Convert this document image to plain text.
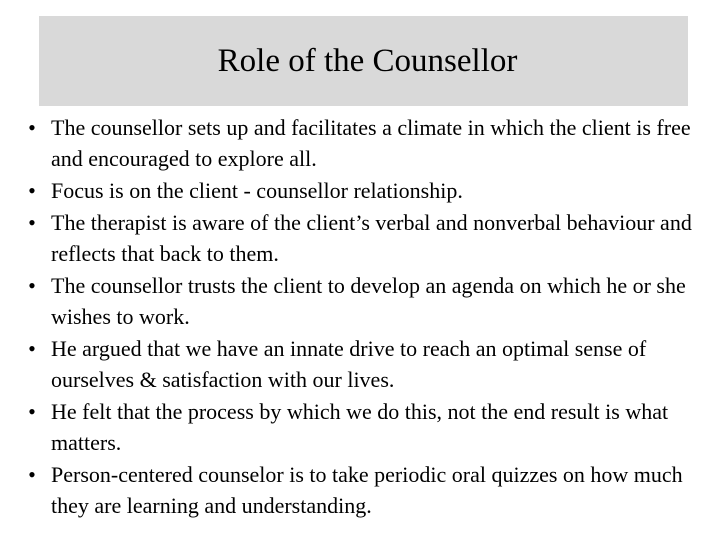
Role of the Counsellor
• The counsellor sets up and facilitates a climate in which the client is free and encouraged to explore all.
• Focus is on the client - counsellor relationship.
• The therapist is aware of the client’s verbal and nonverbal behaviour and reflects that back to them.
• The counsellor trusts the client to develop an agenda on which he or she wishes to work.
• He argued that we have an innate drive to reach an optimal sense of ourselves & satisfaction with our lives.
• He felt that the process by which we do this, not the end result is what matters.
• Person-centered counselor is to take periodic oral quizzes on how much they are learning and understanding.
